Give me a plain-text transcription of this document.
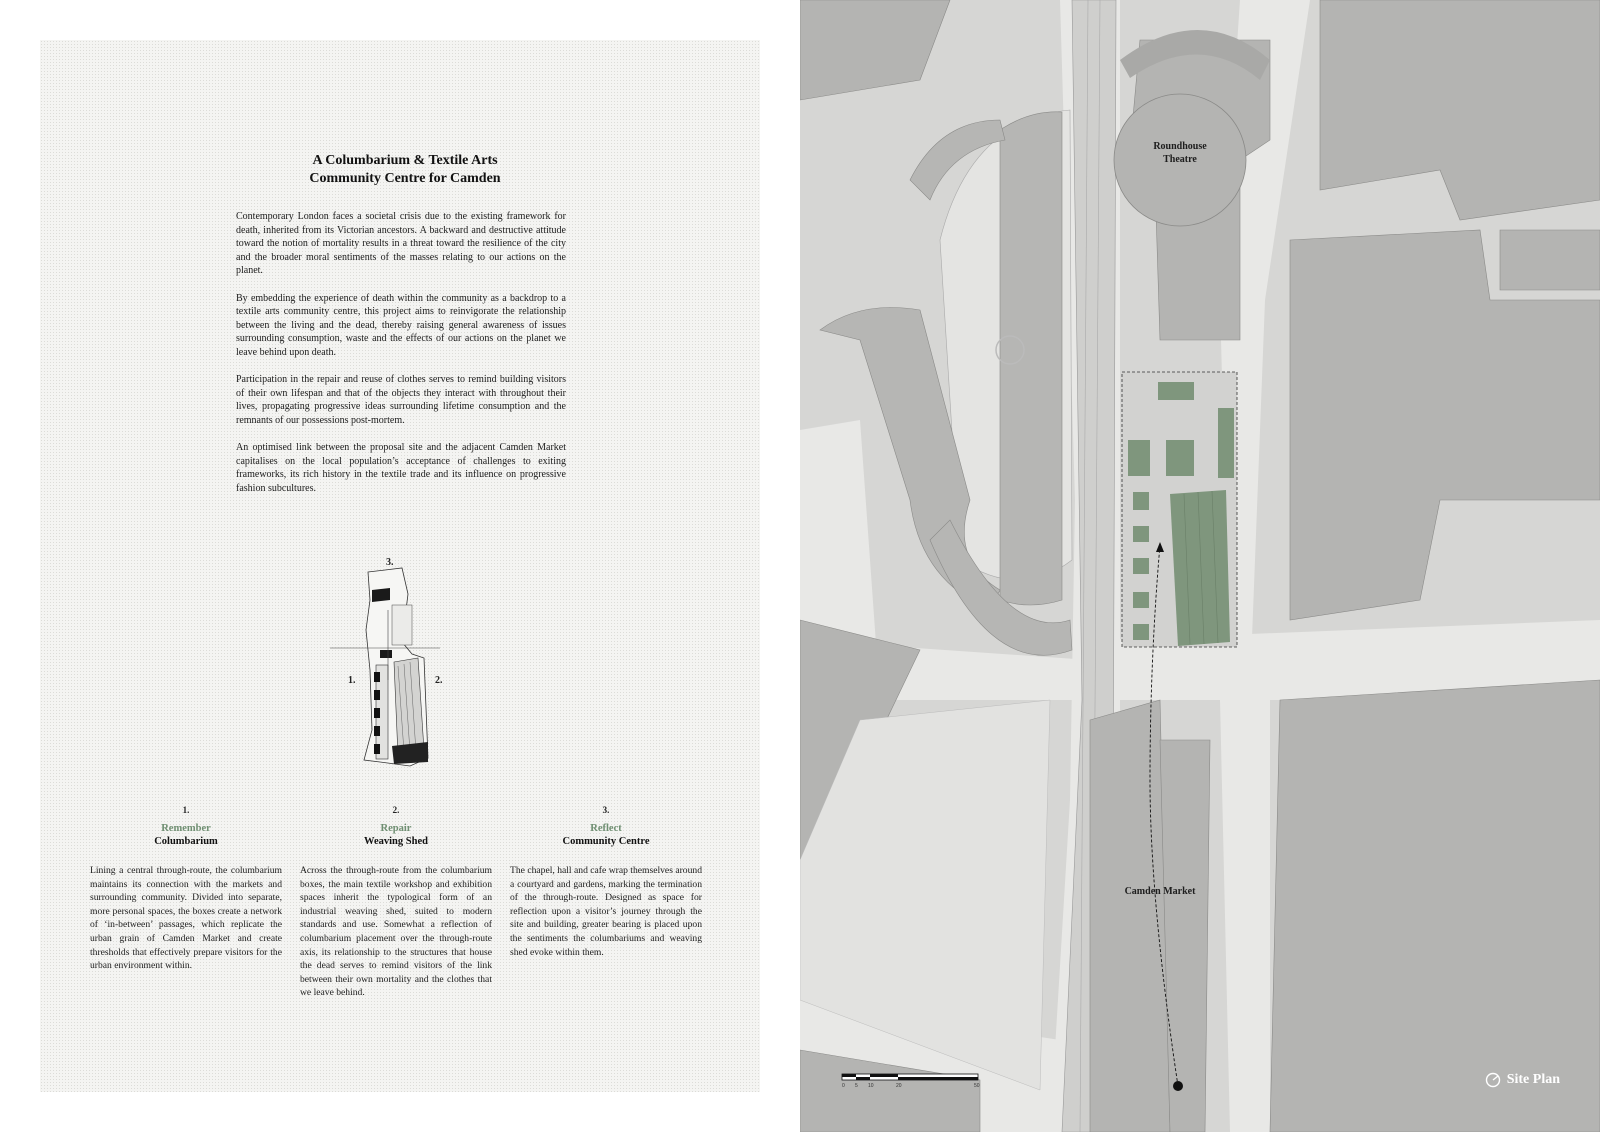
A Columbarium & Textile Arts
Community Centre for Camden

Contemporary London faces a societal crisis due to the existing framework for death, inherited from its Victorian ancestors. A backward and destructive attitude toward the notion of mortality results in a threat toward the resilience of the city and the broader moral sentiments of the masses relating to our actions on the planet.

By embedding the experience of death within the community as a backdrop to a textile arts community centre, this project aims to reinvigorate the relationship between the living and the dead, thereby raising general awareness of issues surrounding consumption, waste and the effects of our actions on the planet we leave behind upon death.

Participation in the repair and reuse of clothes serves to remind building visitors of their own lifespan and that of the objects they interact with throughout their lives, propagating progressive ideas surrounding lifetime consumption and the remnants of our possessions post-mortem.

An optimised link between the proposal site and the adjacent Camden Market capitalises on the local population’s acceptance of challenges to exiting frameworks, its rich history in the textile trade and its influence on progressive fashion subcultures.

3.
1.	2.
1.
Remember
Columbarium
Lining a central through-route, the columbarium maintains its connection with the markets and surrounding community. Divided into separate, more personal spaces, the boxes create a network of ‘in-between’ passages, which replicate the urban grain of Camden Market and create thresholds that effectively prepare visitors for the urban environment within.
2.
Repair
Weaving Shed
Across the through-route from the columbarium boxes, the main textile workshop and exhibition spaces inherit the typological form of an industrial weaving shed, suited to modern standards and use. Somewhat a reflection of columbarium placement over the through-route axis, its relationship to the structures that house the dead serves to remind visitors of the link between their own mortality and the clothes that we leave behind.
3.
Reflect
Community Centre
The chapel, hall and cafe wrap themselves around a courtyard and gardens, marking the termination of the through-route. Designed as space for reflection upon a visitor’s journey through the site and building, greater bearing is placed upon the sentiments the columbariums and weaving shed evoke within them.
Roundhouse
Theatre
Camden Market
0 5 10	20	50	Site Plan
